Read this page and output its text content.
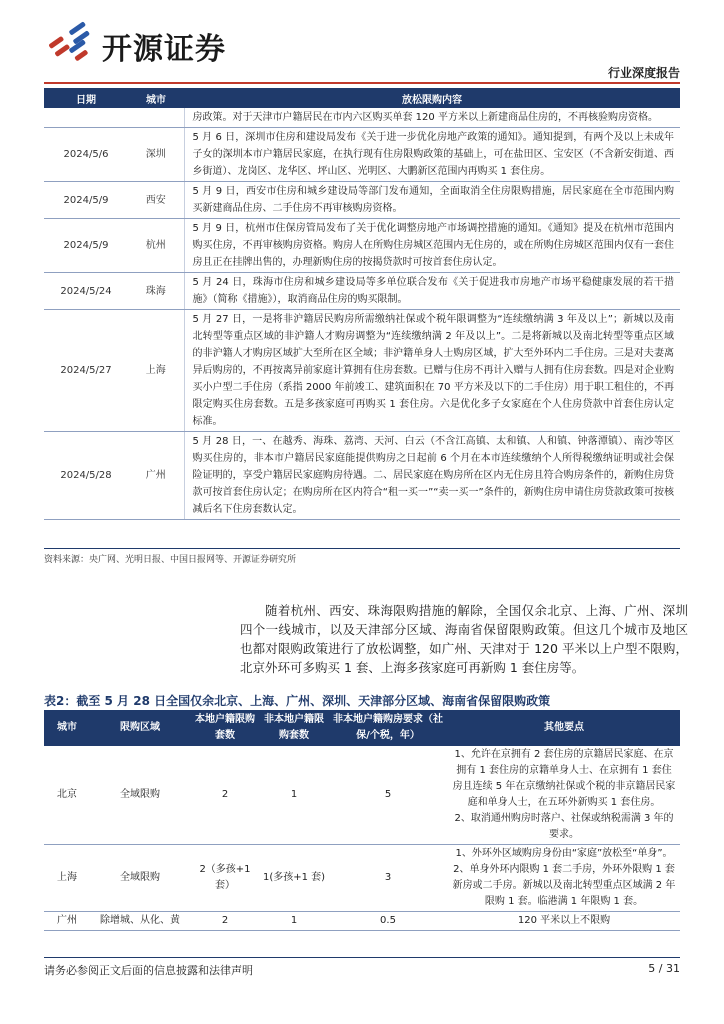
开源证券
行业深度报告
日期	城市	放松限购内容
		房政策。对于天津市户籍居民在市内六区购买单套 120 平方米以上新建商品住房的，不再核验购房资格。
2024/5/6	深圳	5 月 6 日，深圳市住房和建设局发布《关于进一步优化房地产政策的通知》。通知提到，有两个及以上未成年子女的深圳本市户籍居民家庭，在执行现有住房限购政策的基础上，可在盐田区、宝安区（不含新安街道、西乡街道）、龙岗区、龙华区、坪山区、光明区、大鹏新区范围内再购买 1 套住房。
2024/5/9	西安	5 月 9 日，西安市住房和城乡建设局等部门发布通知，全面取消全住房限购措施，居民家庭在全市范围内购买新建商品住房、二手住房不再审核购房资格。
2024/5/9	杭州	5 月 9 日，杭州市住保房管局发布了关于优化调整房地产市场调控措施的通知。《通知》提及在杭州市范围内购买住房，不再审核购房资格。购房人在所购住房城区范围内无住房的，或在所购住房城区范围内仅有一套住房且正在挂牌出售的，办理新购住房的按揭贷款时可按首套住房认定。
2024/5/24	珠海	5 月 24 日，珠海市住房和城乡建设局等多单位联合发布《关于促进我市房地产市场平稳健康发展的若干措施》（简称《措施》），取消商品住房的购买限制。
2024/5/27	上海	5 月 27 日，一是将非沪籍居民购房所需缴纳社保或个税年限调整为“连续缴纳满 3 年及以上”；新城以及南北转型等重点区域的非沪籍人才购房调整为“连续缴纳满 2 年及以上”。二是将新城以及南北转型等重点区域的非沪籍人才购房区域扩大至所在区全域；非沪籍单身人士购房区域，扩大至外环内二手住房。三是对夫妻离异后购房的，不再按离异前家庭计算拥有住房套数。已赠与住房不再计入赠与人拥有住房套数。四是对企业购买小户型二手住房（系指 2000 年前竣工、建筑面积在 70 平方米及以下的二手住房）用于职工租住的，不再限定购买住房套数。五是多孩家庭可再购买 1 套住房。六是优化多子女家庭在个人住房贷款中首套住房认定标准。
2024/5/28	广州	5 月 28 日，一、在越秀、海珠、荔湾、天河、白云（不含江高镇、太和镇、人和镇、钟落潭镇）、南沙等区购买住房的，非本市户籍居民家庭能提供购房之日起前 6 个月在本市连续缴纳个人所得税缴纳证明或社会保险证明的，享受户籍居民家庭购房待遇。二、居民家庭在购房所在区内无住房且符合购房条件的，新购住房贷款可按首套住房认定；在购房所在区内符合“租一买一”“卖一买一”条件的，新购住房申请住房贷款政策可按核减后名下住房套数认定。
资料来源：央广网、光明日报、中国日报网等、开源证券研究所

随着杭州、西安、珠海限购措施的解除，全国仅余北京、上海、广州、深圳四个一线城市，以及天津部分区域、海南省保留限购政策。但这几个城市及地区也都对限购政策进行了放松调整，如广州、天津对于 120 平米以上户型不限购，北京外环可多购买 1 套、上海多孩家庭可再新购 1 套住房等。

表2：截至 5 月 28 日全国仅余北京、上海、广州、深圳、天津部分区域、海南省保留限购政策
城市	限购区域	本地户籍限购套数	非本地户籍限购套数	非本地户籍购房要求（社保/个税，年）	其他要点
北京	全域限购	2	1	5	1、允许在京拥有 2 套住房的京籍居民家庭、在京拥有 1 套住房的京籍单身人士、在京拥有 1 套住房且连续 5 年在京缴纳社保或个税的非京籍居民家庭和单身人士，在五环外新购买 1 套住房。
2、取消通州购房时落户、社保或纳税需满 3 年的要求。

上海	全域限购	2（多孩+1 套）	1(多孩+1 套)	3	1、外环外区域购房身份由“家庭”放松至“单身”。
2、单身外环内限购 1 套二手房，外环外限购 1 套新房或二手房。新城以及南北转型重点区域满 2 年限购 1 套。临港满 1 年限购 1 套。

广州	除增城、从化、黄	2	1	0.5	120 平米以上不限购
请务必参阅正文后面的信息披露和法律声明	5 / 31
